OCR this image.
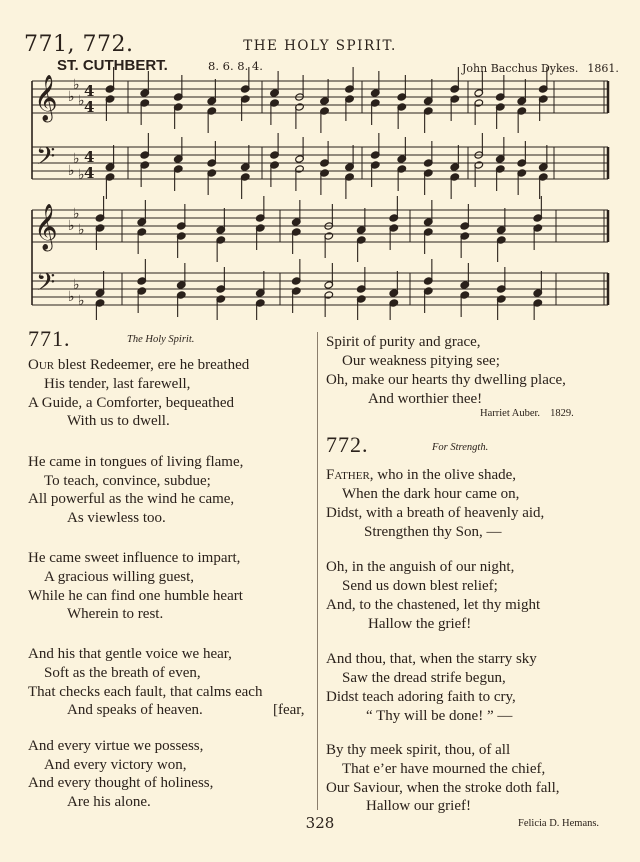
771, 772.	THE HOLY SPIRIT.
ST. CUTHBERT.	8. 6. 8. 4.	John Bacchus Dykes. 1861.
𝄞
𝄢
♭
♭
♭
♭
♭
♭
4
4
4
4
𝄞
𝄢
♭
♭
♭
♭
♭
♭
771.	The Holy Spirit.
Our blest Redeemer, ere he breathed
His tender, last farewell,
A Guide, a Comforter, bequeathed
With us to dwell.
He came in tongues of living flame,
To teach, convince, subdue;
All powerful as the wind he came,
As viewless too.
He came sweet influence to impart,
A gracious willing guest,
While he can find one humble heart
Wherein to rest.
And his that gentle voice we hear,
Soft as the breath of even,
That checks each fault, that calms each
And speaks of heaven.	[fear,
And every virtue we possess,
And every victory won,
And every thought of holiness,
Are his alone.
Spirit of purity and grace,
Our weakness pitying see;
Oh, make our hearts thy dwelling place,
And worthier thee!
Harriet Auber. 1829.
772.	For Strength.
Father, who in the olive shade,
When the dark hour came on,
Didst, with a breath of heavenly aid,
Strengthen thy Son, —
Oh, in the anguish of our night,
Send us down blest relief;
And, to the chastened, let thy might
Hallow the grief!
And thou, that, when the starry sky
Saw the dread strife begun,
Didst teach adoring faith to cry,
“ Thy will be done! ” —
By thy meek spirit, thou, of all
That e’er have mourned the chief,
Our Saviour, when the stroke doth fall,
Hallow our grief!
Felicia D. Hemans.
328
